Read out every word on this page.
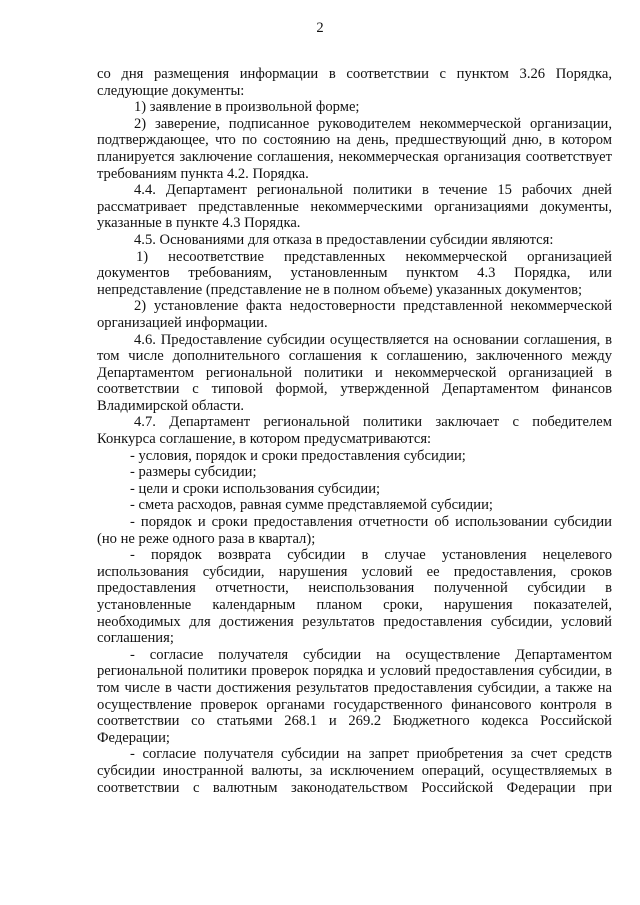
2

со дня размещения информации в соответствии с пунктом 3.26 Порядка, следующие документы:

1) заявление в произвольной форме;

2) заверение, подписанное руководителем некоммерческой организации, подтверждающее, что по состоянию на день, предшествующий дню, в котором планируется заключение соглашения, некоммерческая организация соответствует требованиям пункта 4.2. Порядка.

4.4. Департамент региональной политики в течение 15 рабочих дней рассматривает представленные некоммерческими организациями документы, указанные в пункте 4.3 Порядка.

4.5. Основаниями для отказа в предоставлении субсидии являются:

1) несоответствие представленных некоммерческой организацией документов требованиям, установленным пунктом 4.3 Порядка, или непредставление (представление не в полном объеме) указанных документов;

2) установление факта недостоверности представленной некоммерческой организацией информации.

4.6. Предоставление субсидии осуществляется на основании соглашения, в том числе дополнительного соглашения к соглашению, заключенного между Департаментом региональной политики и некоммерческой организацией в соответствии с типовой формой, утвержденной Департаментом финансов Владимирской области.

4.7. Департамент региональной политики заключает с победителем Конкурса соглашение, в котором предусматриваются:

- условия, порядок и сроки предоставления субсидии;

- размеры субсидии;

- цели и сроки использования субсидии;

- смета расходов, равная сумме представляемой субсидии;

- порядок и сроки предоставления отчетности об использовании субсидии (но не реже одного раза в квартал);

- порядок возврата субсидии в случае установления нецелевого использования субсидии, нарушения условий ее предоставления, сроков предоставления отчетности, неиспользования полученной субсидии в установленные календарным планом сроки, нарушения показателей, необходимых для достижения результатов предоставления субсидии, условий соглашения;

- согласие получателя субсидии на осуществление Департаментом региональной политики проверок порядка и условий предоставления субсидии, в том числе в части достижения результатов предоставления субсидии, а также на осуществление проверок органами государственного финансового контроля в соответствии со статьями 268.1 и 269.2 Бюджетного кодекса Российской Федерации;

- согласие получателя субсидии на запрет приобретения за счет средств субсидии иностранной валюты, за исключением операций, осуществляемых в соответствии с валютным законодательством Российской Федерации при
